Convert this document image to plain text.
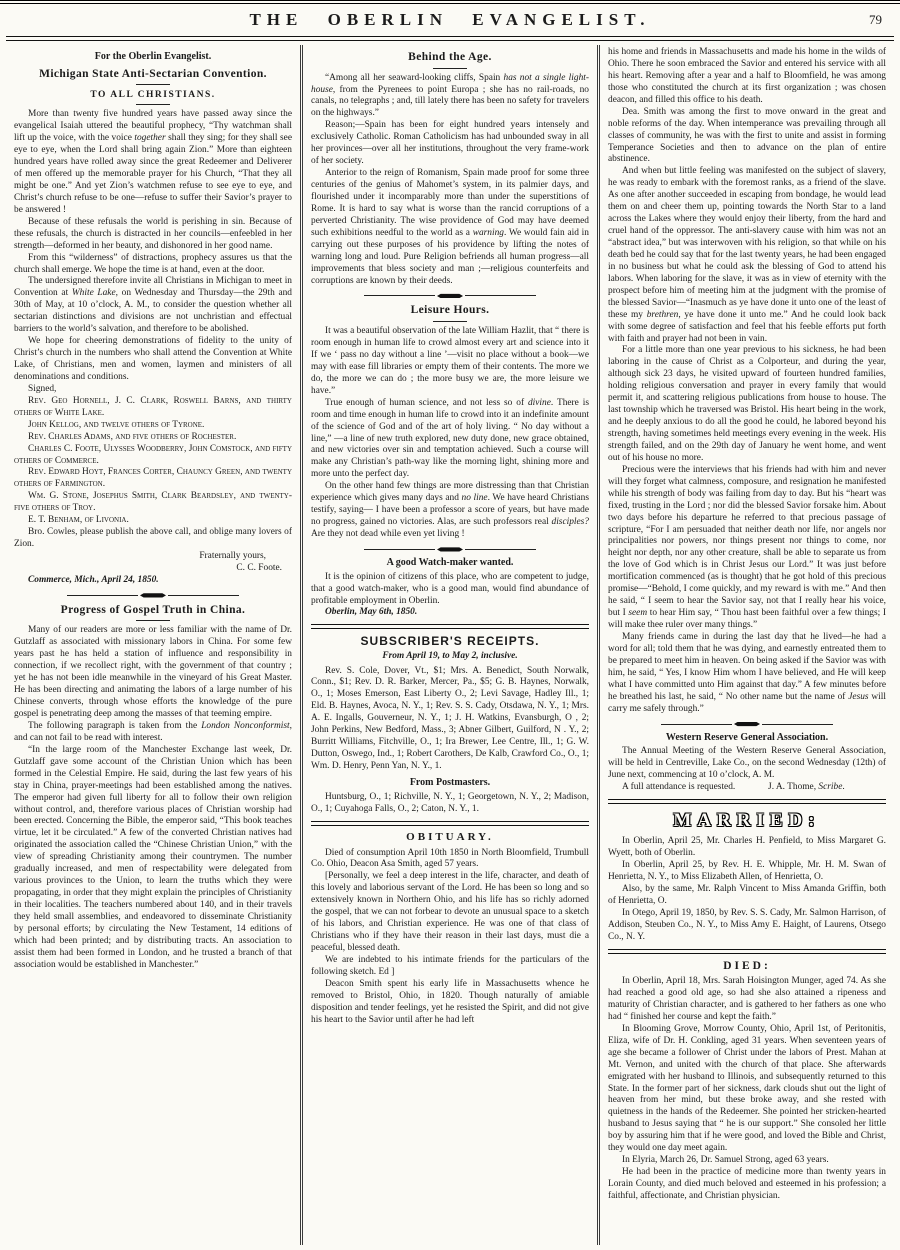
THE OBERLIN EVANGELIST.	79

For the Oberlin Evangelist.

Michigan State Anti-Sectarian Convention.

TO ALL CHRISTIANS.

More than twenty five hundred years have passed away since the evangelical Isaiah uttered the beautiful prophecy, “Thy watchman shall lift up the voice, with the voice together shall they sing; for they shall see eye to eye, when the Lord shall bring again Zion.” More than eighteen hundred years have rolled away since the great Redeemer and Deliverer of men offered up the memorable prayer for his Church, “That they all might be one.” And yet Zion’s watchmen refuse to see eye to eye, and Christ’s church refuse to be one—refuse to suffer their Savior’s prayer to be answered !

Because of these refusals the world is perishing in sin. Because of these refusals, the church is distracted in her councils—enfeebled in her strength—deformed in her beauty, and dishonored in her good name.

From this “wilderness” of distractions, prophecy assures us that the church shall emerge. We hope the time is at hand, even at the door.

The undersigned therefore invite all Christians in Michigan to meet in Convention at White Lake, on Wednesday and Thursday—the 29th and 30th of May, at 10 o’clock, A. M., to consider the question whether all sectarian distinctions and divisions are not unchristian and effectual barriers to the world’s salvation, and therefore to be abolished.

We hope for cheering demonstrations of fidelity to the unity of Christ’s church in the numbers who shall attend the Convention at White Lake, of Christians, men and women, laymen and ministers of all denominations and conditions.

Signed,

Rev. Geo Hornell, J. C. Clark, Roswell Barns, and thirty others of White Lake.

John Kellog, and twelve others of Tyrone.

Rev. Charles Adams, and five others of Rochester.

Charles C. Foote, Ulysses Woodberry, John Comstock, and fifty others of Commerce.

Rev. Edward Hoyt, Frances Corter, Chauncy Green, and twenty others of Farmington.

Wm. G. Stone, Josephus Smith, Clark Beardsley, and twenty-five others of Troy.

E. T. Benham, of Livonia.

Bro. Cowles, please publish the above call, and oblige many lovers of Zion.

Fraternally yours,

C. C. Foote.

Commerce, Mich., April 24, 1850.

Progress of Gospel Truth in China.

Many of our readers are more or less familiar with the name of Dr. Gutzlaff as associated with missionary labors in China. For some few years past he has held a station of influence and responsibility in connection, if we recollect right, with the government of that country ; yet he has not been idle meanwhile in the vineyard of his Great Master. He has been directing and animating the labors of a large number of his Chinese converts, through whose efforts the knowledge of the pure gospel is penetrating deep among the masses of that teeming empire.

The following paragraph is taken from the London Nonconformist, and can not fail to be read with interest.

“In the large room of the Manchester Exchange last week, Dr. Gutzlaff gave some account of the Christian Union which has been formed in the Celestial Empire. He said, during the last few years of his stay in China, prayer-meetings had been established among the natives. The emperor had given full liberty for all to follow their own religion without control, and, therefore various places of Christian worship had been erected. Concerning the Bible, the emperor said, “This book teaches virtue, let it be circulated.” A few of the converted Christian natives had originated the association called the “Chinese Christian Union,” with the view of spreading Christianity among their countrymen. The number gradually increased, and men of respectability were delegated from various provinces to the Union, to learn the truths which they were propagating, in order that they might explain the principles of Christianity in their localities. The teachers numbered about 140, and in their travels they held small assemblies, and endeavored to disseminate Christianity by personal efforts; by circulating the New Testament, 14 editions of which had been printed; and by distributing tracts. An association to assist them had been formed in London, and he trusted a branch of that association would be established in Manchester.”

Behind the Age.

“Among all her seaward-looking cliffs, Spain has not a single light-house, from the Pyrenees to point Europa ; she has no rail-roads, no canals, no telegraphs ; and, till lately there has been no safety for travelers on the highways.”

Reason;—Spain has been for eight hundred years intensely and exclusively Catholic. Roman Catholicism has had unbounded sway in all her provinces—over all her institutions, throughout the very frame-work of her society.

Anterior to the reign of Romanism, Spain made proof for some three centuries of the genius of Mahomet’s system, in its palmier days, and flourished under it incomparably more than under the superstitions of Rome. It is hard to say what is worse than the rancid corruptions of a perverted Christianity. The wise providence of God may have deemed such exhibitions needful to the world as a warning. We would fain aid in carrying out these purposes of his providence by lifting the notes of warning long and loud. Pure Religion befriends all human progress—all improvements that bless society and man ;—religious counterfeits and corruptions are known by their deeds.

Leisure Hours.

It was a beautiful observation of the late William Hazlit, that “ there is room enough in human life to crowd almost every art and science into it If we ‘ pass no day without a line ’—visit no place without a book—we may with ease fill libraries or empty them of their contents. The more we do, the more we can do ; the more busy we are, the more leisure we have.”

True enough of human science, and not less so of divine. There is room and time enough in human life to crowd into it an indefinite amount of the science of God and of the art of holy living. “ No day without a line,” —a line of new truth explored, new duty done, new grace obtained, and new victories over sin and temptation achieved. Such a course will make any Christian’s path-way like the morning light, shining more and more unto the perfect day.

On the other hand few things are more distressing than that Christian experience which gives many days and no line. We have heard Christians testify, saying— I have been a professor a score of years, but have made no progress, gained no victories. Alas, are such professors real disciples? Are they not dead while even yet living !

A good Watch-maker wanted.

It is the opinion of citizens of this place, who are competent to judge, that a good watch-maker, who is a good man, would find abundance of profitable employment in Oberlin.

Oberlin, May 6th, 1850.

SUBSCRIBER'S RECEIPTS.

From April 19, to May 2, inclusive.

Rev. S. Cole, Dover, Vt., $1; Mrs. A. Benedict, South Norwalk, Conn., $1; Rev. D. R. Barker, Mercer, Pa., $5; G. B. Haynes, Norwalk, O., 1; Moses Emerson, East Liberty O., 2; Levi Savage, Hadley Ill., 1; Eld. B. Haynes, Avoca, N. Y., 1; Rev. S. S. Cady, Otsdawa, N. Y., 1; Mrs. A. E. Ingalls, Gouverneur, N. Y., 1; J. H. Watkins, Evansburgh, O , 2; John Perkins, New Bedford, Mass., 3; Abner Gilbert, Guilford, N . Y., 2; Burritt Williams, Fitchville, O., 1; Ira Brewer, Lee Centre, Ill., 1; G. W. Dutton, Oswego, Ind., 1; Robert Carothers, De Kalb, Crawford Co., O., 1; Wm. D. Henry, Penn Yan, N. Y., 1.

From Postmasters.

Huntsburg, O., 1; Richville, N. Y., 1; Georgetown, N. Y., 2; Madison, O., 1; Cuyahoga Falls, O., 2; Caton, N. Y., 1.

OBITUARY.

Died of consumption April 10th 1850 in North Bloomfield, Trumbull Co. Ohio, Deacon Asa Smith, aged 57 years.

[Personally, we feel a deep interest in the life, character, and death of this lovely and laborious servant of the Lord. He has been so long and so extensively known in Northern Ohio, and his life has so richly adorned the gospel, that we can not forbear to devote an unusual space to a sketch of his labors, and Christian experience. He was one of that class of Christians who if they have their reason in their last days, must die a peaceful, blessed death.

We are indebted to his intimate friends for the particulars of the following sketch. Ed ]

Deacon Smith spent his early life in Massachusetts whence he removed to Bristol, Ohio, in 1820. Though naturally of amiable disposition and tender feelings, yet he resisted the Spirit, and did not give his heart to the Savior until after he had left

his home and friends in Massachusetts and made his home in the wilds of Ohio. There he soon embraced the Savior and entered his service with all his heart. Removing after a year and a half to Bloomfield, he was among those who constituted the church at its first organization ; was chosen deacon, and filled this office to his death.

Dea. Smith was among the first to move onward in the great and noble reforms of the day. When intemperance was prevailing through all classes of community, he was with the first to unite and assist in forming Temperance Societies and then to advance on the plan of entire abstinence.

And when but little feeling was manifested on the subject of slavery, he was ready to embark with the foremost ranks, as a friend of the slave. As one after another succeeded in escaping from bondage, he would lead them on and cheer them up, pointing towards the North Star to a land across the Lakes where they would enjoy their liberty, from the hard and cruel hand of the oppressor. The anti-slavery cause with him was not an “abstract idea,” but was interwoven with his religion, so that while on his death bed he could say that for the last twenty years, he had been engaged in no business but what he could ask the blessing of God to attend his labors. When laboring for the slave, it was as in view of eternity with the prospect before him of meeting him at the judgment with the promise of the blessed Savior—“Inasmuch as ye have done it unto one of the least of these my brethren, ye have done it unto me.” And he could look back with some degree of satisfaction and feel that his feeble efforts put forth with faith and prayer had not been in vain.

For a little more than one year previous to his sickness, he had been laboring in the cause of Christ as a Colporteur, and during the year, although sick 23 days, he visited upward of fourteen hundred families, holding religious conversation and prayer in every family that would permit it, and scattering religious publications from house to house. The last township which he traversed was Bristol. His heart being in the work, and he deeply anxious to do all the good he could, he labored beyond his strength, having sometimes held meetings every evening in the week. His strength failed, and on the 29th day of January he went home, and went out of his house no more.

Precious were the interviews that his friends had with him and never will they forget what calmness, composure, and resignation he manifested while his strength of body was failing from day to day. But his “heart was fixed, trusting in the Lord ; nor did the blessed Savior forsake him. About two days before his departure he referred to that precious passage of scripture, “For I am persuaded that neither death nor life, nor angels nor principalities nor powers, nor things present nor things to come, nor height nor depth, nor any other creature, shall be able to separate us from the love of God which is in Christ Jesus our Lord.” It was just before mortification commenced (as is thought) that he got hold of this precious promise—“Behold, I come quickly, and my reward is with me.” And then he said, “ I seem to hear the Savior say, not that I really hear his voice, but I seem to hear Him say, “ Thou hast been faithful over a few things; I will make thee ruler over many things.”

Many friends came in during the last day that he lived—he had a word for all; told them that he was dying, and earnestly entreated them to be prepared to meet him in heaven. On being asked if the Savior was with him, he said, “ Yes, I know Him whom I have believed, and He will keep what I have committed unto Him against that day.” A few minutes before he breathed his last, he said, “ No other name but the name of Jesus will carry me safely through.”

Western Reserve General Association.

The Annual Meeting of the Western Reserve General Association, will be held in Centreville, Lake Co., on the second Wednesday (12th) of June next, commencing at 10 o’clock, A. M.

A full attendance is requested.     J. A. Thome, Scribe.

MARRIED:

In Oberlin, April 25, Mr. Charles H. Penfield, to Miss Margaret G. Wyett, both of Oberlin.

In Oberlin, April 25, by Rev. H. E. Whipple, Mr. H. M. Swan of Henrietta, N. Y., to Miss Elizabeth Allen, of Henrietta, O.

Also, by the same, Mr. Ralph Vincent to Miss Amanda Griffin, both of Henrietta, O.

In Otego, April 19, 1850, by Rev. S. S. Cady, Mr. Salmon Harrison, of Addison, Steuben Co., N. Y., to Miss Amy E. Haight, of Laurens, Otsego Co., N. Y.

DIED:

In Oberlin, April 18, Mrs. Sarah Hoisington Munger, aged 74. As she had reached a good old age, so had she also attained a ripeness and maturity of Christian character, and is gathered to her fathers as one who had “ finished her course and kept the faith.”

In Blooming Grove, Morrow County, Ohio, April 1st, of Peritonitis, Eliza, wife of Dr. H. Conkling, aged 31 years. When seventeen years of age she became a follower of Christ under the labors of Prest. Mahan at Mt. Vernon, and united with the church of that place. She afterwards emigrated with her husband to Illinois, and subsequently returned to this State. In the former part of her sickness, dark clouds shut out the light of heaven from her mind, but these broke away, and she rested with quietness in the hands of the Redeemer. She pointed her stricken-hearted husband to Jesus saying that “ he is our support.” She consoled her little boy by assuring him that if he were good, and loved the Bible and Christ, they would one day meet again.

In Elyria, March 26, Dr. Samuel Strong, aged 63 years.

He had been in the practice of medicine more than twenty years in Lorain County, and died much beloved and esteemed in his profession; a faithful, affectionate, and Christian physician.
